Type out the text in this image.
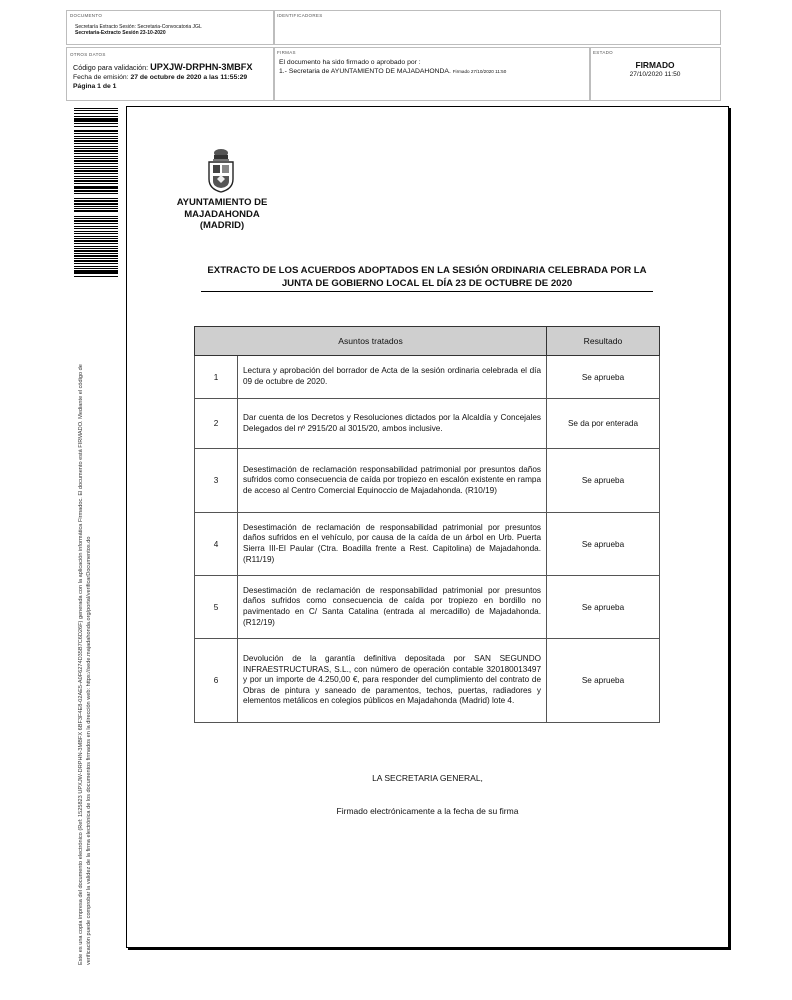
DOCUMENTO
Secretaría Extracto Sesión: Secretaria-Convocatoria JGL
Secretaria-Extracto Sesión 23-10-2020
IDENTIFICADORES
OTROS DATOS
Código para validación: UPXJW-DRPHN-3MBFX
Fecha de emisión: 27 de octubre de 2020 a las 11:55:29
Página 1 de 1
FIRMAS
El documento ha sido firmado o aprobado por :
1.- Secretaria de AYUNTAMIENTO DE MAJADAHONDA. Firmado 27/10/2020 11:50
ESTADO
FIRMADO
27/10/2020 11:50
Este es una copia impresa del documento electrónico (Ref: 1525823 UPXJW-DRPHN-3MBFX 6BF3F4E8-02AE5-A0F6274D35B7C6D26F) generada con la aplicación informática Firmadoc. El documento está FIRMADO. Mediante el código de verificación puede comprobar la validez de la firma electrónica de los documentos firmados en la dirección web: https://sede.majadahonda.org/portal/verificarDocumentos.do
AYUNTAMIENTO DE
MAJADAHONDA
(MADRID)
EXTRACTO DE LOS ACUERDOS ADOPTADOS EN LA SESIÓN ORDINARIA CELEBRADA POR LA
JUNTA DE GOBIERNO LOCAL EL DÍA 23 DE OCTUBRE DE 2020
Asuntos tratados		Resultado
1	Lectura y aprobación del borrador de Acta de la sesión ordinaria celebrada el día 09 de octubre de 2020.	Se aprueba
2	Dar cuenta de los Decretos y Resoluciones dictados por la Alcaldía y Concejales Delegados del nº 2915/20 al 3015/20, ambos inclusive.	Se da por enterada
3	Desestimación de reclamación responsabilidad patrimonial por presuntos daños sufridos como consecuencia de caída por tropiezo en escalón existente en rampa de acceso al Centro Comercial Equinoccio de Majadahonda. (R10/19)	Se aprueba
4	Desestimación de reclamación de responsabilidad patrimonial por presuntos daños sufridos en el vehículo, por causa de la caída de un árbol en Urb. Puerta Sierra III-El Paular (Ctra. Boadilla frente a Rest. Capitolina) de Majadahonda. (R11/19)	Se aprueba
5	Desestimación de reclamación de responsabilidad patrimonial por presuntos daños sufridos como consecuencia de caída por tropiezo en bordillo no pavimentado en C/ Santa Catalina (entrada al mercadillo) de Majadahonda. (R12/19)	Se aprueba
6	Devolución de la garantía definitiva depositada por SAN SEGUNDO INFRAESTRUCTURAS, S.L., con número de operación contable 320180013497 y por un importe de 4.250,00 €, para responder del cumplimiento del contrato de Obras de pintura y saneado de paramentos, techos, puertas, radiadores y elementos metálicos en colegios públicos en Majadahonda (Madrid) lote 4.	Se aprueba
LA SECRETARIA GENERAL,
Firmado electrónicamente a la fecha de su firma
